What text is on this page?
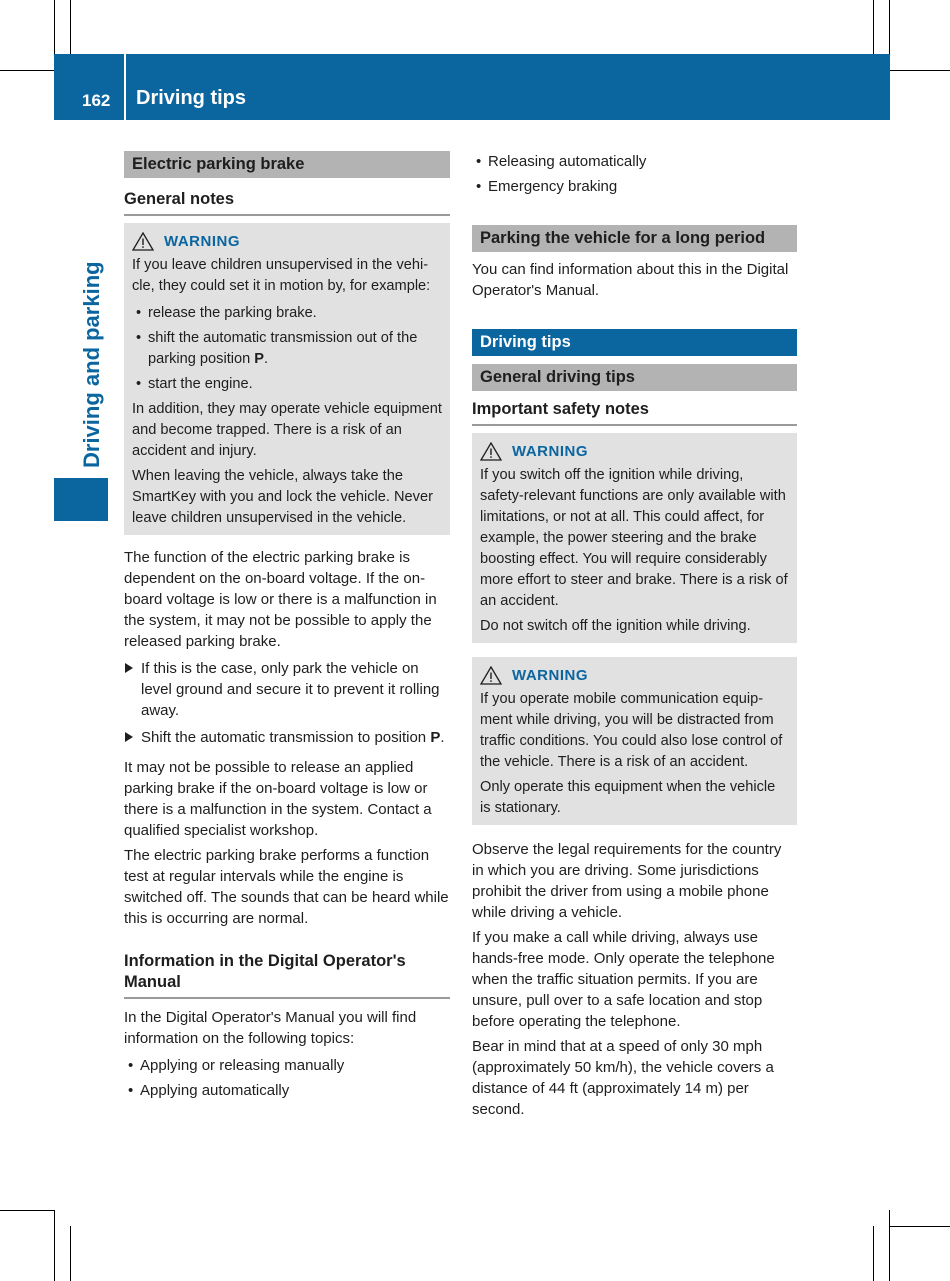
162 Driving tips
Driving and parking
Electric parking brake
General notes
WARNING

If you leave children unsupervised in the vehicle, they could set it in motion by, for example:

• release the parking brake.
• shift the automatic transmission out of the parking position P.
• start the engine.

In addition, they may operate vehicle equipment and become trapped. There is a risk of an accident and injury.

When leaving the vehicle, always take the SmartKey with you and lock the vehicle. Never leave children unsupervised in the vehicle.

The function of the electric parking brake is dependent on the on-board voltage. If the on-board voltage is low or there is a malfunction in the system, it may not be possible to apply the released parking brake.

If this is the case, only park the vehicle on level ground and secure it to prevent it rolling away.
Shift the automatic transmission to position P.

It may not be possible to release an applied parking brake if the on-board voltage is low or there is a malfunction in the system. Contact a qualified specialist workshop.

The electric parking brake performs a function test at regular intervals while the engine is switched off. The sounds that can be heard while this is occurring are normal.

Information in the Digital Operator's Manual

In the Digital Operator's Manual you will find information on the following topics:

• Applying or releasing manually
• Applying automatically
• Releasing automatically
• Emergency braking
Parking the vehicle for a long period

You can find information about this in the Digital Operator's Manual.

Driving tips
General driving tips
Important safety notes
WARNING

If you switch off the ignition while driving, safety-relevant functions are only available with limitations, or not at all. This could affect, for example, the power steering and the brake boosting effect. You will require considerably more effort to steer and brake. There is a risk of an accident.

Do not switch off the ignition while driving.

WARNING

If you operate mobile communication equipment while driving, you will be distracted from traffic conditions. You could also lose control of the vehicle. There is a risk of an accident.

Only operate this equipment when the vehicle is stationary.

Observe the legal requirements for the country in which you are driving. Some jurisdictions prohibit the driver from using a mobile phone while driving a vehicle.

If you make a call while driving, always use hands-free mode. Only operate the telephone when the traffic situation permits. If you are unsure, pull over to a safe location and stop before operating the telephone.

Bear in mind that at a speed of only 30 mph (approximately 50 km/h), the vehicle covers a distance of 44 ft (approximately 14 m) per second.
